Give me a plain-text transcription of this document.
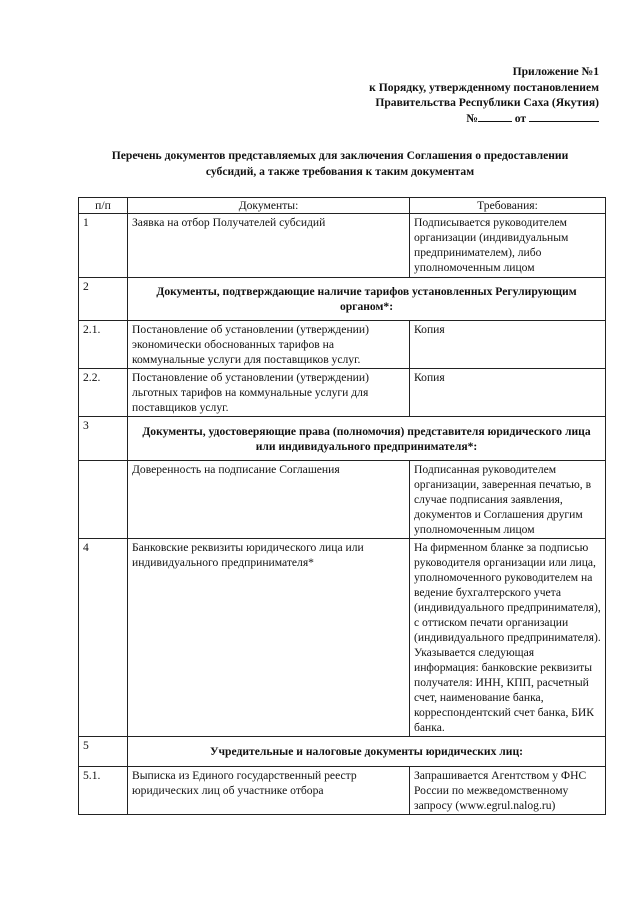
Приложение №1
к Порядку, утвержденному постановлением
Правительства Республики Саха (Якутия)
№	от
Перечень документов представляемых для заключения Соглашения о предоставлении
субсидий, а также требования к таким документам
п/п	Документы:	Требования:
1	Заявка на отбор Получателей субсидий	Подписывается руководителем организации (индивидуальным предпринимателем), либо уполномоченным лицом
2	Документы, подтверждающие наличие тарифов установленных Регулирующим органом*:	
2.1.	Постановление об установлении (утверждении) экономически обоснованных тарифов на коммунальные услуги для поставщиков услуг.	Копия
2.2.	Постановление об установлении (утверждении) льготных тарифов на коммунальные услуги для поставщиков услуг.	Копия
3	Документы, удостоверяющие права (полномочия) представителя юридического лица или индивидуального предпринимателя*:	
	Доверенность на подписание Соглашения	Подписанная руководителем организации, заверенная печатью, в случае подписания заявления, документов и Соглашения другим уполномоченным лицом
4	Банковские реквизиты юридического лица или индивидуального предпринимателя*	На фирменном бланке за подписью руководителя организации или лица, уполномоченного руководителем на ведение бухгалтерского учета (индивидуального предпринимателя), с оттиском печати организации (индивидуального предпринимателя). Указывается следующая информация: банковские реквизиты получателя: ИНН, КПП, расчетный счет, наименование банка, корреспондентский счет банка, БИК банка.
5	Учредительные и налоговые документы юридических лиц:	
5.1.	Выписка из Единого государственный реестр юридических лиц об участнике отбора	Запрашивается Агентством у ФНС России по межведомственному запросу (www.egrul.nalog.ru)
